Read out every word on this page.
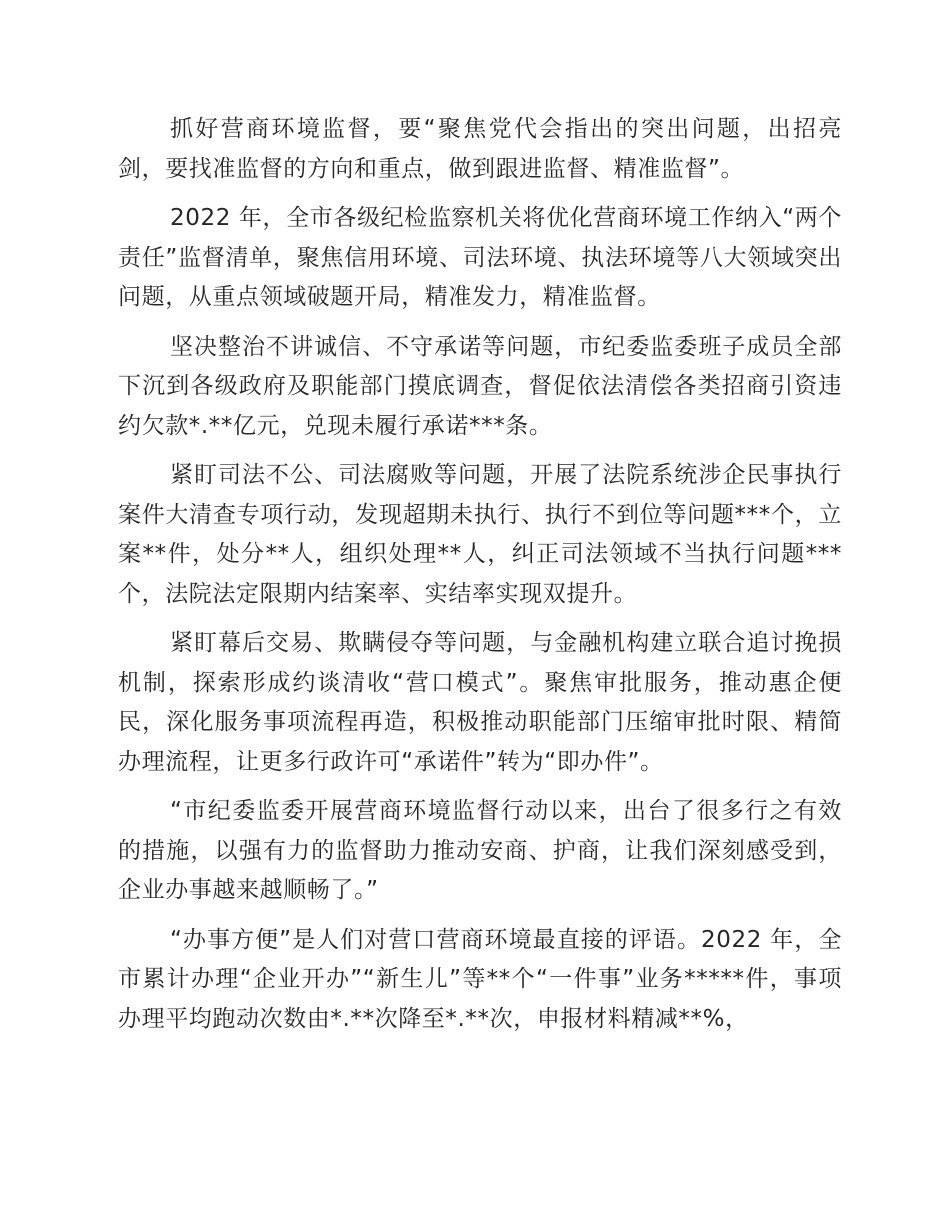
抓好营商环境监督，要“聚焦党代会指出的突出问题，出招亮剑，要找准监督的方向和重点，做到跟进监督、精准监督”。

2022 年，全市各级纪检监察机关将优化营商环境工作纳入“两个责任”监督清单，聚焦信用环境、司法环境、执法环境等八大领域突出问题，从重点领域破题开局，精准发力，精准监督。

坚决整治不讲诚信、不守承诺等问题，市纪委监委班子成员全部下沉到各级政府及职能部门摸底调查，督促依法清偿各类招商引资违约欠款*.**亿元，兑现未履行承诺***条。

紧盯司法不公、司法腐败等问题，开展了法院系统涉企民事执行案件大清查专项行动，发现超期未执行、执行不到位等问题***个，立案**件，处分**人，组织处理**人，纠正司法领域不当执行问题***个，法院法定限期内结案率、实结率实现双提升。

紧盯幕后交易、欺瞒侵夺等问题，与金融机构建立联合追讨挽损机制，探索形成约谈清收“营口模式”。聚焦审批服务，推动惠企便民，深化服务事项流程再造，积极推动职能部门压缩审批时限、精简办理流程，让更多行政许可“承诺件”转为“即办件”。

“市纪委监委开展营商环境监督行动以来，出台了很多行之有效的措施，以强有力的监督助力推动安商、护商，让我们深刻感受到，企业办事越来越顺畅了。”

“办事方便”是人们对营口营商环境最直接的评语。2022 年，全市累计办理“企业开办”“新生儿”等**个“一件事”业务*****件，事项办理平均跑动次数由*.**次降至*.**次，申报材料精减**%，
